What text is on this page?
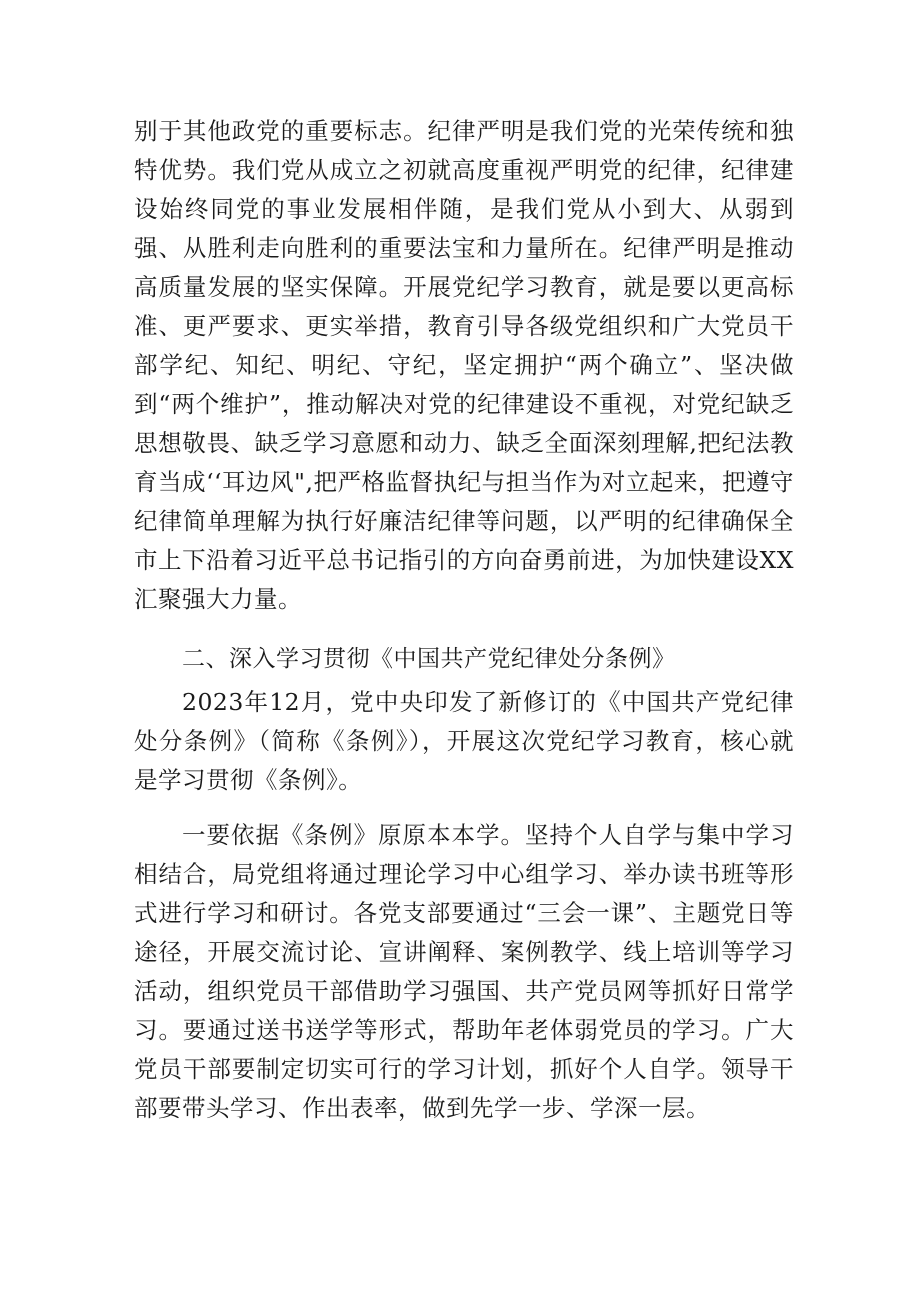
别于其他政党的重要标志。纪律严明是我们党的光荣传统和独特优势。我们党从成立之初就高度重视严明党的纪律，纪律建设始终同党的事业发展相伴随，是我们党从小到大、从弱到强、从胜利走向胜利的重要法宝和力量所在。纪律严明是推动高质量发展的坚实保障。开展党纪学习教育，就是要以更高标准、更严要求、更实举措，教育引导各级党组织和广大党员干部学纪、知纪、明纪、守纪，坚定拥护“两个确立”、坚决做到“两个维护”，推动解决对党的纪律建设不重视，对党纪缺乏思想敬畏、缺乏学习意愿和动力、缺乏全面深刻理解,把纪法教育当成‘‘耳边风",把严格监督执纪与担当作为对立起来，把遵守纪律简单理解为执行好廉洁纪律等问题，以严明的纪律确保全市上下沿着习近平总书记指引的方向奋勇前进，为加快建设XX汇聚强大力量。

二、深入学习贯彻《中国共产党纪律处分条例》

2023年12月，党中央印发了新修订的《中国共产党纪律处分条例》（简称《条例》），开展这次党纪学习教育，核心就是学习贯彻《条例》。

一要依据《条例》原原本本学。坚持个人自学与集中学习相结合，局党组将通过理论学习中心组学习、举办读书班等形式进行学习和研讨。各党支部要通过“三会一课”、主题党日等途径，开展交流讨论、宣讲阐释、案例教学、线上培训等学习活动，组织党员干部借助学习强国、共产党员网等抓好日常学习。要通过送书送学等形式，帮助年老体弱党员的学习。广大党员干部要制定切实可行的学习计划，抓好个人自学。领导干部要带头学习、作出表率，做到先学一步、学深一层。
